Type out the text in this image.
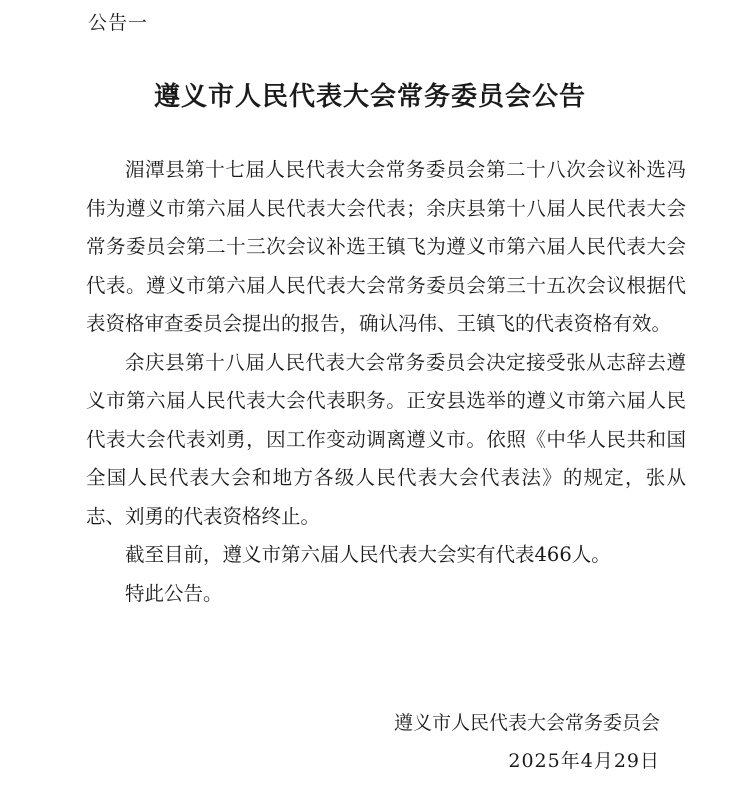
公告一
遵义市人民代表大会常务委员会公告

湄潭县第十七届人民代表大会常务委员会第二十八次会议补选冯伟为遵义市第六届人民代表大会代表；余庆县第十八届人民代表大会常务委员会第二十三次会议补选王镇飞为遵义市第六届人民代表大会代表。遵义市第六届人民代表大会常务委员会第三十五次会议根据代表资格审查委员会提出的报告，确认冯伟、王镇飞的代表资格有效。

余庆县第十八届人民代表大会常务委员会决定接受张从志辞去遵义市第六届人民代表大会代表职务。正安县选举的遵义市第六届人民代表大会代表刘勇，因工作变动调离遵义市。依照《中华人民共和国全国人民代表大会和地方各级人民代表大会代表法》的规定，张从志、刘勇的代表资格终止。

截至目前，遵义市第六届人民代表大会实有代表466人。

特此公告。

遵义市人民代表大会常务委员会
2025年4月29日
